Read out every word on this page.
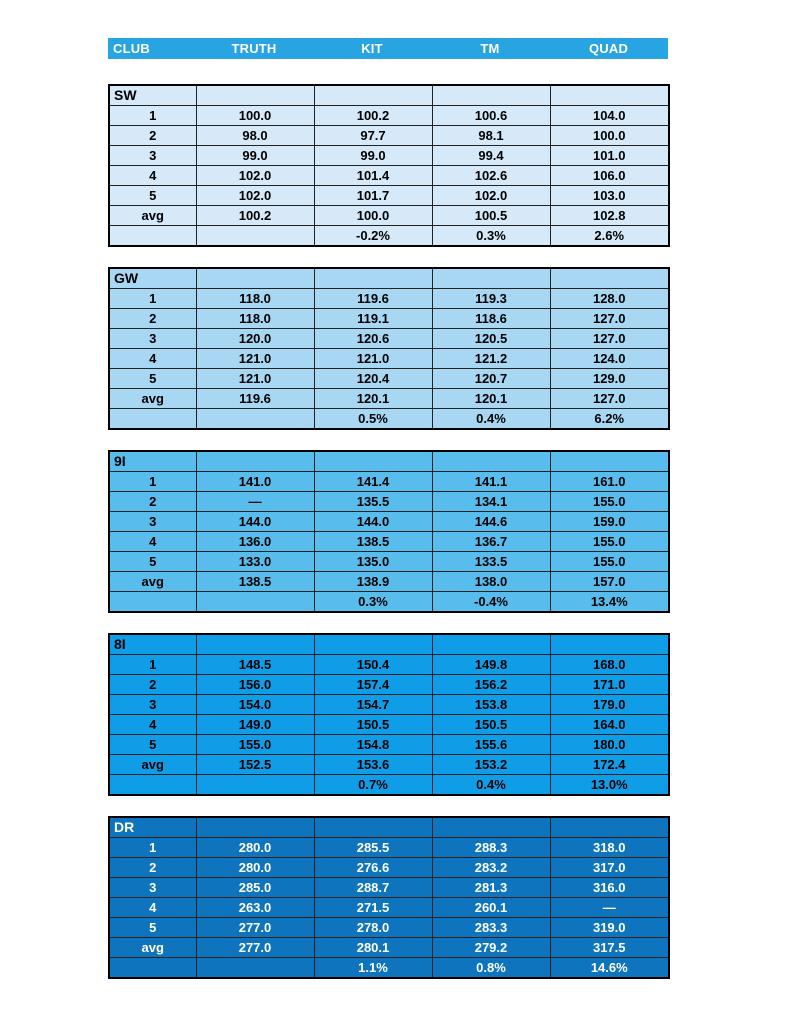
CLUB	TRUTH	KIT	TM	QUAD
SW				
1	100.0	100.2	100.6	104.0
2	98.0	97.7	98.1	100.0
3	99.0	99.0	99.4	101.0
4	102.0	101.4	102.6	106.0
5	102.0	101.7	102.0	103.0
avg	100.2	100.0	100.5	102.8
		-0.2%	0.3%	2.6%
GW				
1	118.0	119.6	119.3	128.0
2	118.0	119.1	118.6	127.0
3	120.0	120.6	120.5	127.0
4	121.0	121.0	121.2	124.0
5	121.0	120.4	120.7	129.0
avg	119.6	120.1	120.1	127.0
		0.5%	0.4%	6.2%
9I				
1	141.0	141.4	141.1	161.0
2	—	135.5	134.1	155.0
3	144.0	144.0	144.6	159.0
4	136.0	138.5	136.7	155.0
5	133.0	135.0	133.5	155.0
avg	138.5	138.9	138.0	157.0
		0.3%	-0.4%	13.4%
8I				
1	148.5	150.4	149.8	168.0
2	156.0	157.4	156.2	171.0
3	154.0	154.7	153.8	179.0
4	149.0	150.5	150.5	164.0
5	155.0	154.8	155.6	180.0
avg	152.5	153.6	153.2	172.4
		0.7%	0.4%	13.0%
DR				
1	280.0	285.5	288.3	318.0
2	280.0	276.6	283.2	317.0
3	285.0	288.7	281.3	316.0
4	263.0	271.5	260.1	—
5	277.0	278.0	283.3	319.0
avg	277.0	280.1	279.2	317.5
		1.1%	0.8%	14.6%
